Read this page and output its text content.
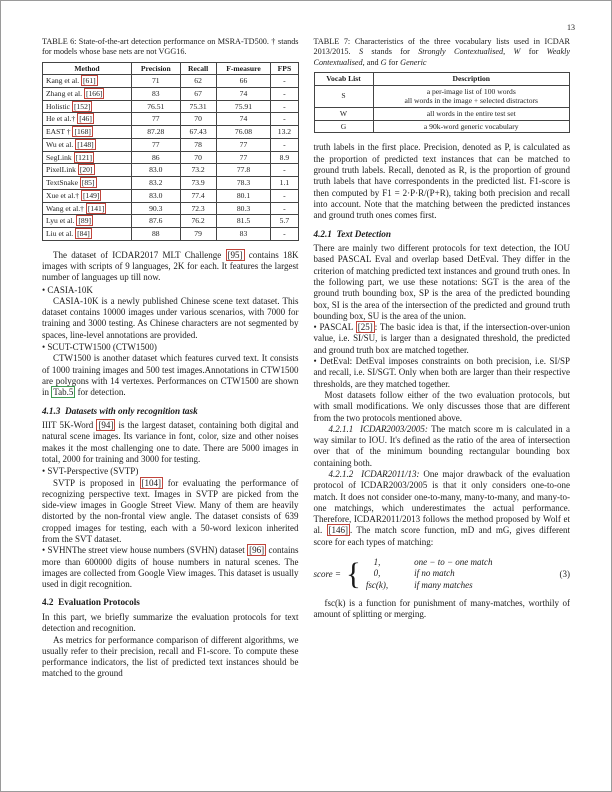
13
TABLE 6: State-of-the-art detection performance on MSRA-TD500. † stands for models whose base nets are not VGG16.
Method	Precision	Recall	F-measure	FPS
Kang et al. [61]	71	62	66	-
Zhang et al. [166]	83	67	74	-
Holistic [152]	76.51	75.31	75.91	-
He et al.† [46]	77	70	74	-
EAST † [168]	87.28	67.43	76.08	13.2
Wu et al. [148]	77	78	77	-
SegLink [121]	86	70	77	8.9
PixelLink [20]	83.0	73.2	77.8	-
TextSnake [85]	83.2	73.9	78.3	1.1
Xue et al.† [149]	83.0	77.4	80.1	-
Wang et al.† [141]	90.3	72.3	80.3	-
Lyu et al. [89]	87.6	76.2	81.5	5.7
Liu et al. [84]	88	79	83	-

The dataset of ICDAR2017 MLT Challenge [95] contains 18K images with scripts of 9 languages, 2K for each. It features the largest number of languages up till now.

• CASIA-10K

CASIA-10K is a newly published Chinese scene text dataset. This dataset contains 10000 images under various scenarios, with 7000 for training and 3000 testing. As Chinese characters are not segmented by spaces, line-level annotations are provided.

• SCUT-CTW1500 (CTW1500)

CTW1500 is another dataset which features curved text. It consists of 1000 training images and 500 test images.Annotations in CTW1500 are polygons with 14 vertexes. Performances on CTW1500 are shown in Tab.5 for detection.

4.1.3  Datasets with only recognition task

IIIT 5K-Word [94] is the largest dataset, containing both digital and natural scene images. Its variance in font, color, size and other noises makes it the most challenging one to date. There are 5000 images in total, 2000 for training and 3000 for testing.

• SVT-Perspective (SVTP)

SVTP is proposed in [104] for evaluating the performance of recognizing perspective text. Images in SVTP are picked from the side-view images in Google Street View. Many of them are heavily distorted by the non-frontal view angle. The dataset consists of 639 cropped images for testing, each with a 50-word lexicon inherited from the SVT dataset.

• SVHNThe street view house numbers (SVHN) dataset [96] contains more than 600000 digits of house numbers in natural scenes. The images are collected from Google View images. This dataset is usually used in digit recognition.

4.2  Evaluation Protocols

In this part, we briefly summarize the evaluation protocols for text detection and recognition.

As metrics for performance comparison of different algorithms, we usually refer to their precision, recall and F1-score. To compute these performance indicators, the list of predicted text instances should be matched to the ground

TABLE 7: Characteristics of the three vocabulary lists used in ICDAR 2013/2015. S stands for Strongly Contextualised, W for Weakly Contextualised, and G for Generic
Vocab List	Description
S	a per-image list of 100 words
all words in the image + selected distractors

W	all words in the entire test set

G	a 90k-word generic vocabulary

truth labels in the first place. Precision, denoted as P, is calculated as the proportion of predicted text instances that can be matched to ground truth labels. Recall, denoted as R, is the proportion of ground truth labels that have correspondents in the predicted list. F1-score is then computed by F1 = 2·P·R/(P+R), taking both precision and recall into account. Note that the matching between the predicted instances and ground truth ones comes first.

4.2.1  Text Detection

There are mainly two different protocols for text detection, the IOU based PASCAL Eval and overlap based DetEval. They differ in the criterion of matching predicted text instances and ground truth ones. In the following part, we use these notations: SGT is the area of the ground truth bounding box, SP is the area of the predicted bounding box, SI is the area of the intersection of the predicted and ground truth bounding box, SU is the area of the union.

• PASCAL [25] : The basic idea is that, if the intersection-over-union value, i.e. SI/SU, is larger than a designated threshold, the predicted and ground truth box are matched together.

• DetEval: DetEval imposes constraints on both precision, i.e. SI/SP and recall, i.e. SI/SGT. Only when both are larger than their respective thresholds, are they matched together.

Most datasets follow either of the two evaluation protocols, but with small modifications. We only discusses those that are different from the two protocols mentioned above.

4.2.1.1  ICDAR2003/2005: The match score m is calculated in a way similar to IOU. It's defined as the ratio of the area of intersection over that of the minimum bounding rectangular bounding box containing both.

4.2.1.2  ICDAR2011/13: One major drawback of the evaluation protocol of ICDAR2003/2005 is that it only considers one-to-one match. It does not consider one-to-many, many-to-many, and many-to-one matchings, which underestimates the actual performance. Therefore, ICDAR2011/2013 follows the method proposed by Wolf et al. [146] . The match score function, mD and mG, gives different score for each types of matching:

score = {	1,	one − to − one match
0,	if no match
fsc(k),	if many matches
(3)

fsc(k) is a function for punishment of many-matches, worthily of amount of splitting or merging.
